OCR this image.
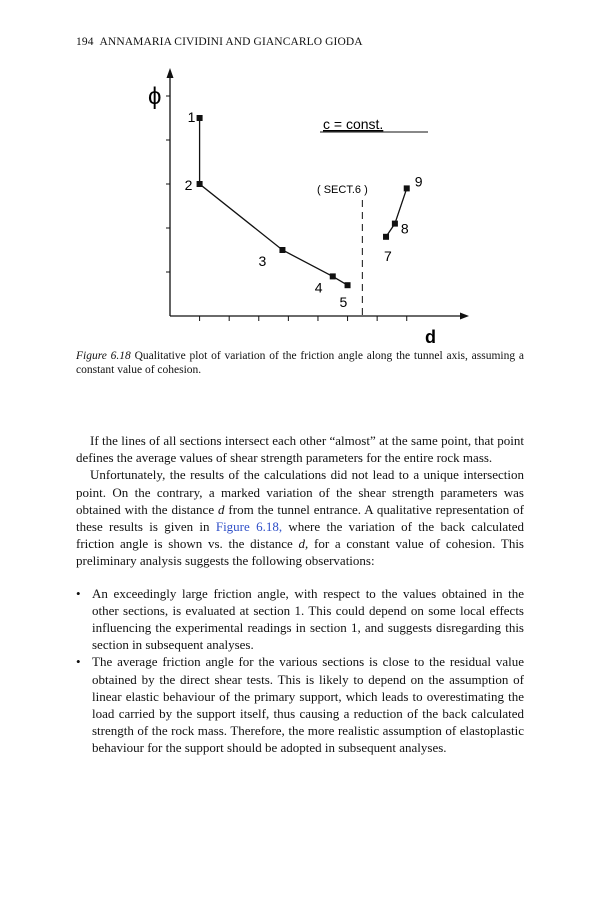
194 ANNAMARIA CIVIDINI AND GIANCARLO GIODA
1
2
3
4
5
7
8
9
ϕ
d
c = const.
( SECT.6 )
Figure 6.18 Qualitative plot of variation of the friction angle along the tunnel axis, assuming a constant value of cohesion.

If the lines of all sections intersect each other “almost” at the same point, that point defines the average values of shear strength parameters for the entire rock mass.

Unfortunately, the results of the calculations did not lead to a unique intersection point. On the contrary, a marked variation of the shear strength parameters was obtained with the distance d from the tunnel entrance. A qualitative representation of these results is given in Figure 6.18, where the variation of the back calculated friction angle is shown vs. the distance d, for a constant value of cohesion. This preliminary analysis suggests the following observations:

• An exceedingly large friction angle, with respect to the values obtained in the other sections, is evaluated at section 1. This could depend on some local effects influencing the experimental readings in section 1, and suggests disregarding this section in subsequent analyses.
• The average friction angle for the various sections is close to the residual value obtained by the direct shear tests. This is likely to depend on the assumption of linear elastic behaviour of the primary support, which leads to overestimating the load carried by the support itself, thus causing a reduction of the back calculated strength of the rock mass. Therefore, the more realistic assumption of elastoplastic behaviour for the support should be adopted in subsequent analyses.
